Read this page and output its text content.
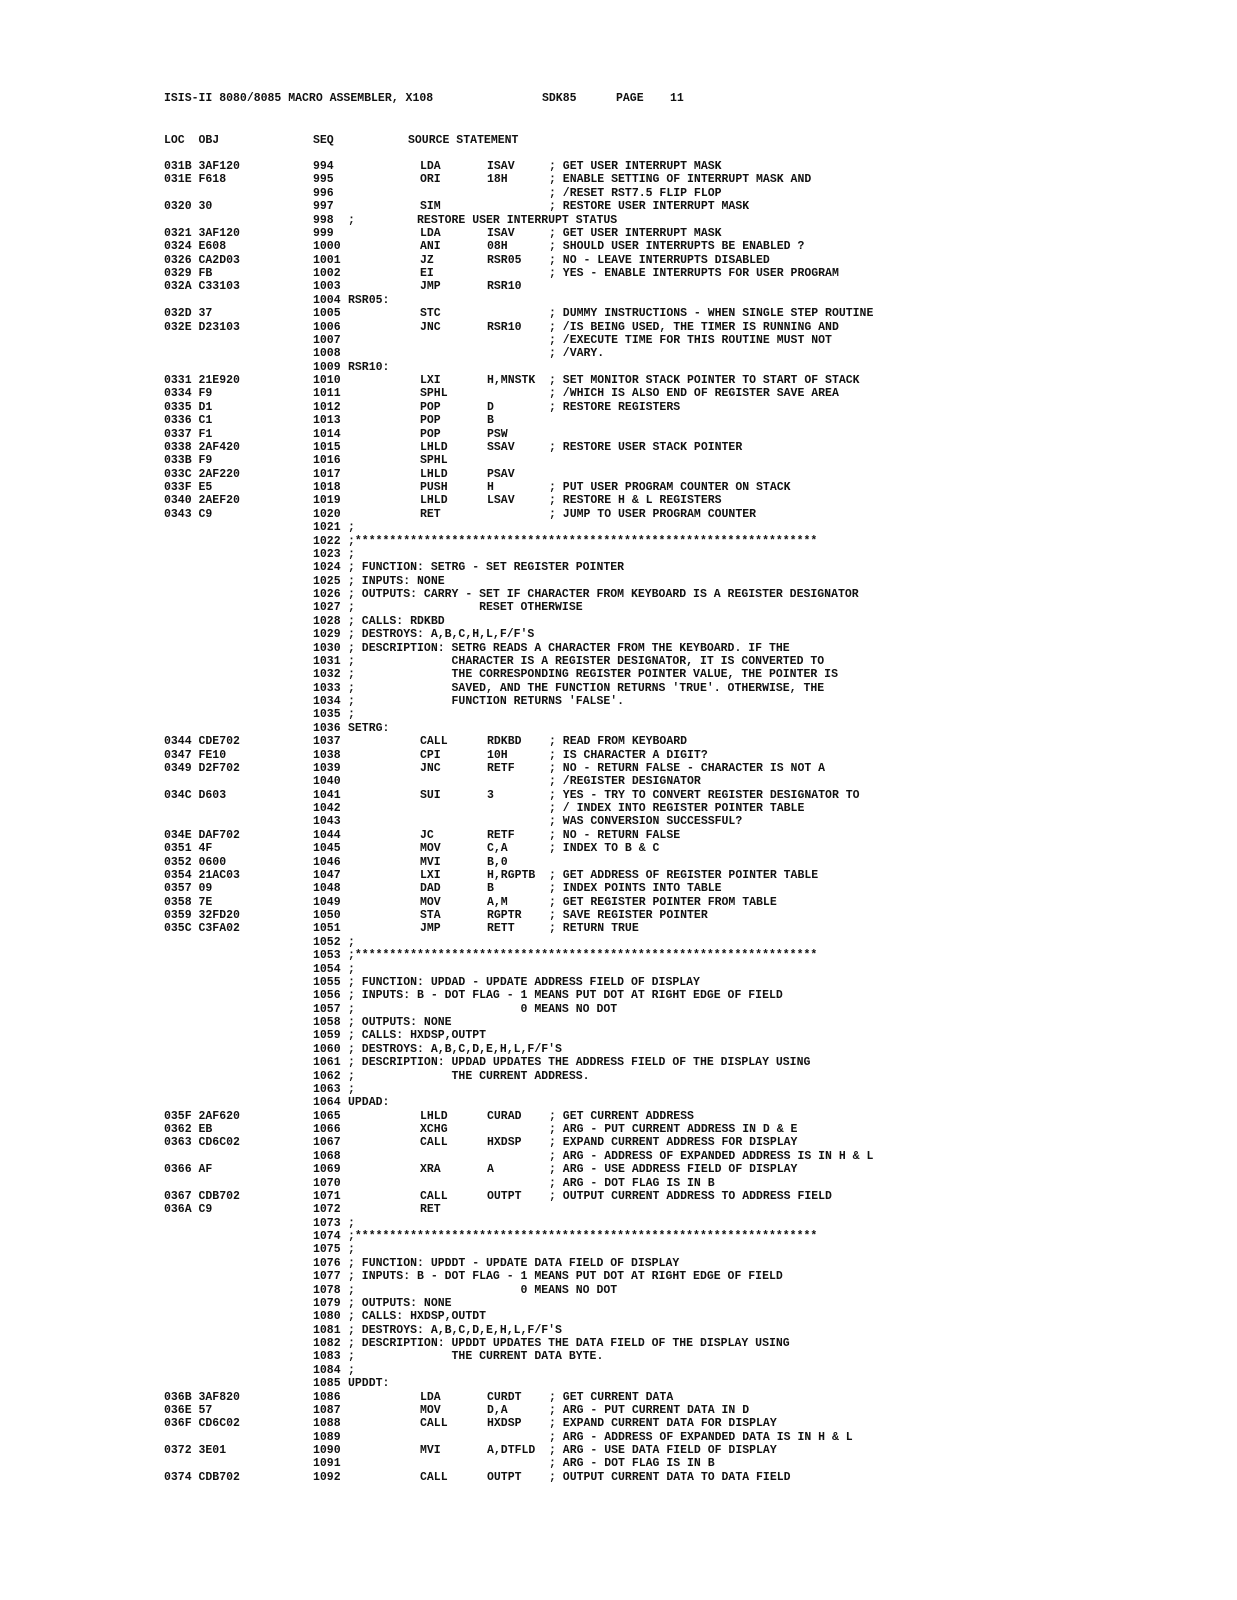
ISIS-II 8080/8085 MACRO ASSEMBLER, X108

	SDK85

	PAGE

11

LOC  OBJ	SEQ	SOURCE STATEMENT
031B 3AF120	994	LDA	ISAV	; GET USER INTERRUPT MASK
031E F618	995	ORI	18H	; ENABLE SETTING OF INTERRUPT MASK AND
996	; /RESET RST7.5 FLIP FLOP
0320 30	997	SIM	; RESTORE USER INTERRUPT MASK
998 ;         RESTORE USER INTERRUPT STATUS
0321 3AF120	999	LDA	ISAV	; GET USER INTERRUPT MASK
0324 E608	1000	ANI	08H	; SHOULD USER INTERRUPTS BE ENABLED ?
0326 CA2D03	1001	JZ	RSR05 ; NO - LEAVE INTERRUPTS DISABLED
0329 FB	1002	EI	; YES - ENABLE INTERRUPTS FOR USER PROGRAM
032A C33103	1003	JMP	RSR10
1004 RSR05:
032D 37	1005	STC	; DUMMY INSTRUCTIONS - WHEN SINGLE STEP ROUTINE
032E D23103	1006	JNC	RSR10 ; /IS BEING USED, THE TIMER IS RUNNING AND
1007	; /EXECUTE TIME FOR THIS ROUTINE MUST NOT
1008	; /VARY.
1009 RSR10:
0331 21E920	1010	LXI	H,MNSTK ; SET MONITOR STACK POINTER TO START OF STACK
0334 F9	1011	SPHL	; /WHICH IS ALSO END OF REGISTER SAVE AREA
0335 D1	1012	POP	D	; RESTORE REGISTERS
0336 C1	1013	POP	B
0337 F1	1014	POP	PSW
0338 2AF420	1015	LHLD	SSAV	; RESTORE USER STACK POINTER
033B F9	1016	SPHL
033C 2AF220	1017	LHLD	PSAV
033F E5	1018	PUSH	H	; PUT USER PROGRAM COUNTER ON STACK
0340 2AEF20	1019	LHLD	LSAV	; RESTORE H & L REGISTERS
0343 C9	1020	RET	; JUMP TO USER PROGRAM COUNTER
1021 ;
1022 ;*******************************************************************
1023 ;
1024 ; FUNCTION: SETRG - SET REGISTER POINTER
1025 ; INPUTS: NONE
1026 ; OUTPUTS: CARRY - SET IF CHARACTER FROM KEYBOARD IS A REGISTER DESIGNATOR
1027 ;                  RESET OTHERWISE
1028 ; CALLS: RDKBD
1029 ; DESTROYS: A,B,C,H,L,F/F'S
1030 ; DESCRIPTION: SETRG READS A CHARACTER FROM THE KEYBOARD. IF THE
1031 ;              CHARACTER IS A REGISTER DESIGNATOR, IT IS CONVERTED TO
1032 ;              THE CORRESPONDING REGISTER POINTER VALUE, THE POINTER IS
1033 ;              SAVED, AND THE FUNCTION RETURNS 'TRUE'. OTHERWISE, THE
1034 ;              FUNCTION RETURNS 'FALSE'.
1035 ;
1036 SETRG:
0344 CDE702	1037	CALL	RDKBD ; READ FROM KEYBOARD
0347 FE10	1038	CPI	10H	; IS CHARACTER A DIGIT?
0349 D2F702	1039	JNC	RETF	; NO - RETURN FALSE - CHARACTER IS NOT A
1040	; /REGISTER DESIGNATOR
034C D603	1041	SUI	3	; YES - TRY TO CONVERT REGISTER DESIGNATOR TO
1042	; / INDEX INTO REGISTER POINTER TABLE
1043	; WAS CONVERSION SUCCESSFUL?
034E DAF702	1044	JC	RETF	; NO - RETURN FALSE
0351 4F	1045	MOV	C,A	; INDEX TO B & C
0352 0600	1046	MVI	B,0
0354 21AC03	1047	LXI	H,RGPTB ; GET ADDRESS OF REGISTER POINTER TABLE
0357 09	1048	DAD	B	; INDEX POINTS INTO TABLE
0358 7E	1049	MOV	A,M	; GET REGISTER POINTER FROM TABLE
0359 32FD20	1050	STA	RGPTR ; SAVE REGISTER POINTER
035C C3FA02	1051	JMP	RETT	; RETURN TRUE
1052 ;
1053 ;*******************************************************************
1054 ;
1055 ; FUNCTION: UPDAD - UPDATE ADDRESS FIELD OF DISPLAY
1056 ; INPUTS: B - DOT FLAG - 1 MEANS PUT DOT AT RIGHT EDGE OF FIELD
1057 ;                        0 MEANS NO DOT
1058 ; OUTPUTS: NONE
1059 ; CALLS: HXDSP,OUTPT
1060 ; DESTROYS: A,B,C,D,E,H,L,F/F'S
1061 ; DESCRIPTION: UPDAD UPDATES THE ADDRESS FIELD OF THE DISPLAY USING
1062 ;              THE CURRENT ADDRESS.
1063 ;
1064 UPDAD:
035F 2AF620	1065	LHLD	CURAD ; GET CURRENT ADDRESS
0362 EB	1066	XCHG	; ARG - PUT CURRENT ADDRESS IN D & E
0363 CD6C02	1067	CALL	HXDSP ; EXPAND CURRENT ADDRESS FOR DISPLAY
1068	; ARG - ADDRESS OF EXPANDED ADDRESS IS IN H & L
0366 AF	1069	XRA	A	; ARG - USE ADDRESS FIELD OF DISPLAY
1070	; ARG - DOT FLAG IS IN B
0367 CDB702	1071	CALL	OUTPT ; OUTPUT CURRENT ADDRESS TO ADDRESS FIELD
036A C9	1072	RET
1073 ;
1074 ;*******************************************************************
1075 ;
1076 ; FUNCTION: UPDDT - UPDATE DATA FIELD OF DISPLAY
1077 ; INPUTS: B - DOT FLAG - 1 MEANS PUT DOT AT RIGHT EDGE OF FIELD
1078 ;                        0 MEANS NO DOT
1079 ; OUTPUTS: NONE
1080 ; CALLS: HXDSP,OUTDT
1081 ; DESTROYS: A,B,C,D,E,H,L,F/F'S
1082 ; DESCRIPTION: UPDDT UPDATES THE DATA FIELD OF THE DISPLAY USING
1083 ;              THE CURRENT DATA BYTE.
1084 ;
1085 UPDDT:
036B 3AF820	1086	LDA	CURDT ; GET CURRENT DATA
036E 57	1087	MOV	D,A	; ARG - PUT CURRENT DATA IN D
036F CD6C02	1088	CALL	HXDSP ; EXPAND CURRENT DATA FOR DISPLAY
1089	; ARG - ADDRESS OF EXPANDED DATA IS IN H & L
0372 3E01	1090	MVI	A,DTFLD ; ARG - USE DATA FIELD OF DISPLAY
1091	; ARG - DOT FLAG IS IN B
0374 CDB702	1092	CALL	OUTPT ; OUTPUT CURRENT DATA TO DATA FIELD
